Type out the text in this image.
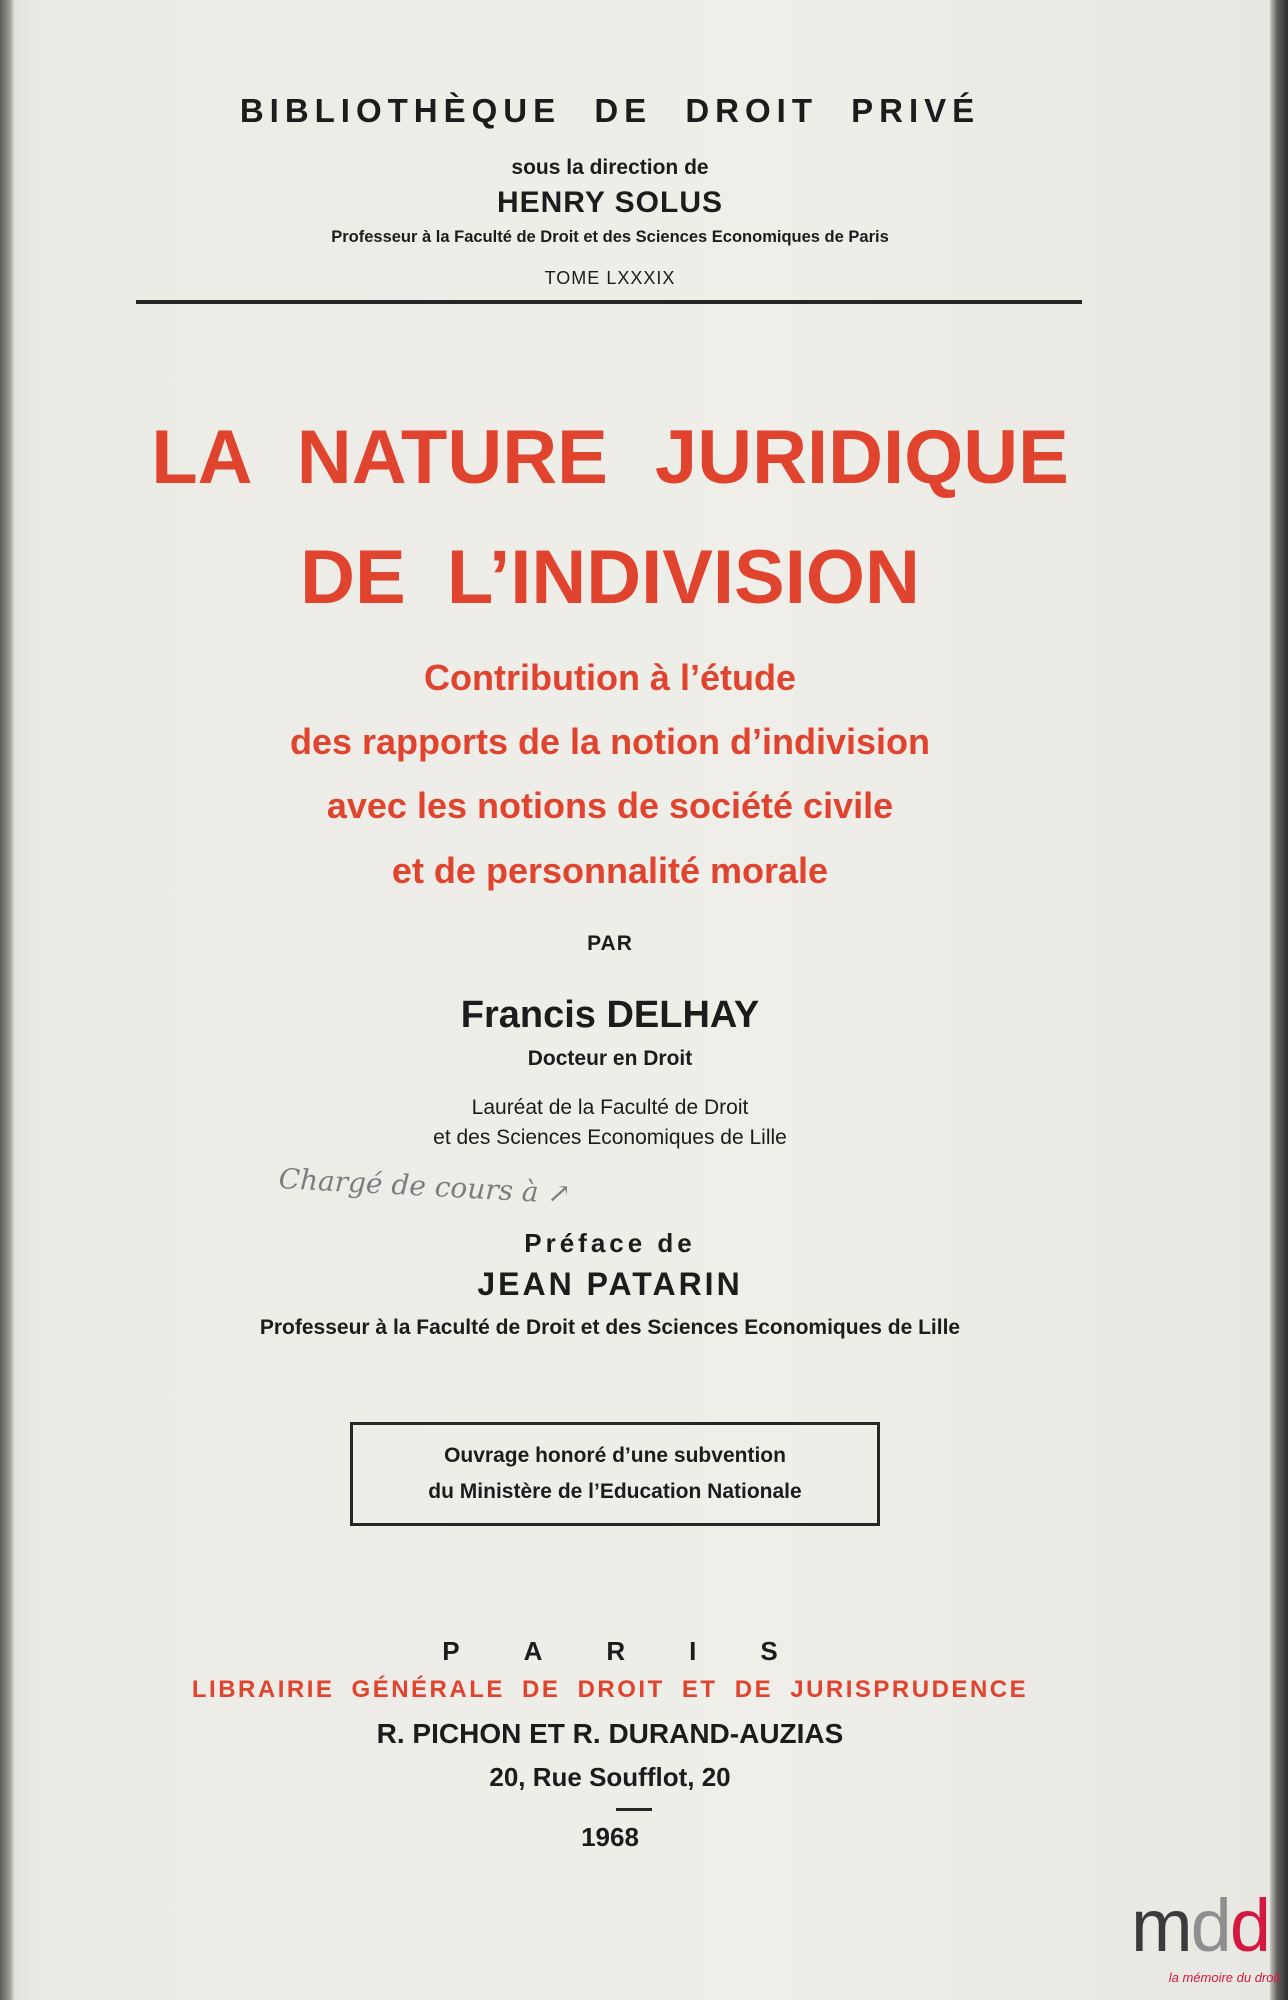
BIBLIOTHÈQUE DE DROIT PRIVÉ
sous la direction de
HENRY SOLUS
Professeur à la Faculté de Droit et des Sciences Economiques de Paris
TOME LXXXIX
LA NATURE JURIDIQUE
DE L’INDIVISION
Contribution à l’étude
des rapports de la notion d’indivision
avec les notions de société civile
et de personnalité morale
PAR
Francis DELHAY
Docteur en Droit
Lauréat de la Faculté de Droit
et des Sciences Economiques de Lille
Chargé de cours à ↗
Préface de
JEAN PATARIN
Professeur à la Faculté de Droit et des Sciences Economiques de Lille
Ouvrage honoré d’une subvention
du Ministère de l’Education Nationale
P A R I S
LIBRAIRIE GÉNÉRALE DE DROIT ET DE JURISPRUDENCE
R. PICHON ET R. DURAND-AUZIAS
20, Rue Soufflot, 20
1968
mdd
la mémoire du droit
